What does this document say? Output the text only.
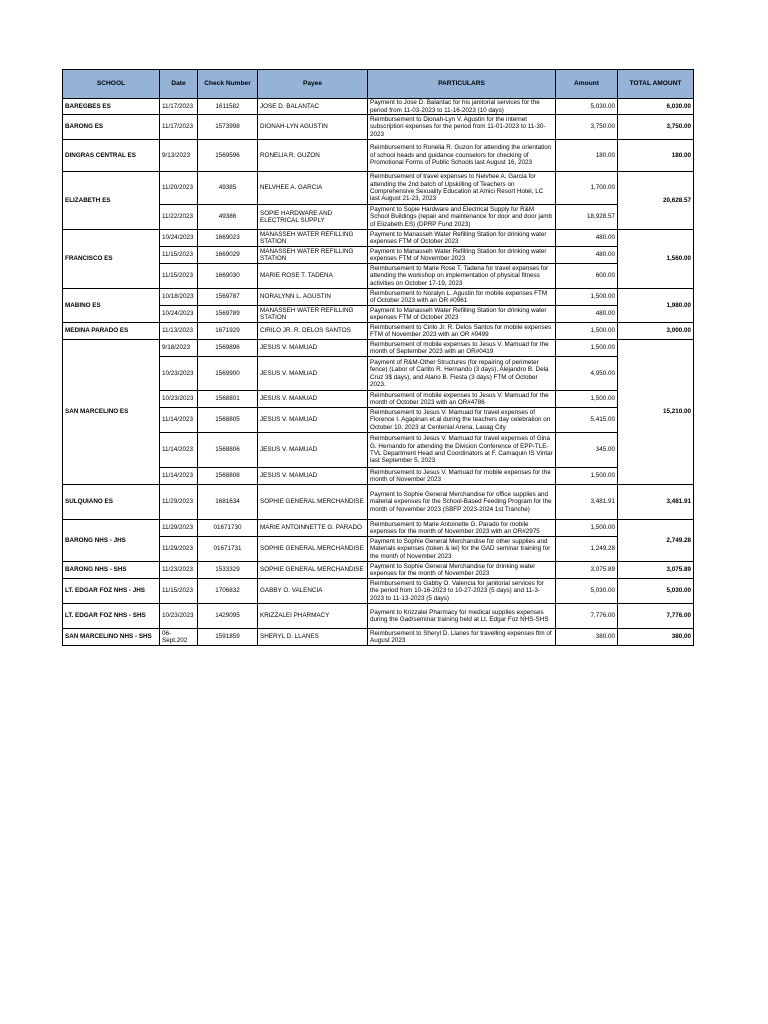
SCHOOL	Date	Check Number	Payee	PARTICULARS	Amount	TOTAL AMOUNT
BAREGBES ES	11/17/2023	1611582	JOSE D. BALANTAC	Payment to Jose D. Balantac for his janitorial services for the period from 11-03-2023 to 11-16-2023 (10 days)	5,030.00	6,030.00
BARONG ES	11/17/2023	1573998	DIONAH-LYN AGUSTIN	Reimbursement to Dionah-Lyn V. Agustin for the internet subscription expenses for the period from 11-01-2023 to 11-30-2023	3,750.00	3,750.00
DINGRAS CENTRAL ES	9/13/2023	1569596	RONELIA R. GUZON	Reimbursement to Ronelia R. Guzon for attending the orientation of school heads and guidance counselors for checking of Promotional Forms of Public Schools last August 16, 2023	180.00	180.00
ELIZABETH ES	11/20/2023	49385	NELVHEE A. GARCIA	Reimbursement of travel expenses to Nelvhee A. Garcia for attending the 2nd batch of Upskilling of Teachers on Comprehensive Sexuality Education at Amici Resort Hotel, LC last August 21-23, 2023	1,700.00	20,628.57
	11/22/2023	49386	SOPIE HARDWARE AND ELECTRICAL SUPPLY	Payment to Sopie Hardware and Electrical Supply for R&M School Buildings (repair and maintenance for door and door jamb of Elizabeth ES) (DPRP Fund 2023)	18,928.57	
FRANCISCO ES	10/24/2023	1669023	MANASSEH WATER REFILLING STATION	Payment to Manasseh Water Refilling Station for drinking water expenses FTM of October 2023	480.00	1,560.00
	11/15/2023	1669029	MANASSEH WATER REFILLING STATION	Payment to Manasseh Water Refilling Station for drinking water expenses FTM of November 2023	480.00	
	11/15/2023	1669030	MARIE ROSE T. TADENA	Reimbursement to Marie Rose T. Tadena for travel expenses for attending the workshop on implementation of physical fitness activities on October 17-19, 2023	600.00	
MABINO ES	10/18/2023	1569787	NORALYNN L. AGUSTIN	Reimbursement to Noralyn L. Agustin for mobile expenses FTM of October 2023 with an OR #0961	1,500.00	1,980.00
	10/24/2023	1569789	MANASSEH WATER REFILLING STATION	Payment to Manasseh Water Refilling Station for drinking water expenses FTM of October 2023	480.00	
MEDINA PARADO ES	11/13/2023	1671929	CIRILO JR. R. DELOS SANTOS	Reimbursement to Cirilo Jr. R. Delos Santos for mobile expenses FTM of November 2023 with an OR #0499	1,500.00	3,000.00
SAN MARCELINO ES	9/18/2023	1569896	JESUS V. MAMUAD	Reimbursement of mobile expenses to Jesus V. Mamuad for the month of September 2023 with an OR#0419	1,500.00	15,210.00
	10/23/2023	1569900	JESUS V. MAMUAD	Payment of R&M-Other Structures (for repairing of perimeter fence) (Labor of Carlito R. Hernando (3 days), Alejandro B. Dela Cruz 3$ days), and Alano B. Fiesta (3 days) FTM of October 2023.	4,950.00	
	10/23/2023	1568801	JESUS V. MAMUAD	Reimbursement of mobile expenses to Jesus V. Mamuad for the month of October 2023 with an OR#4786	1,500.00	
	11/14/2023	1568805	JESUS V. MAMUAD	Reimbursement to Jesus V. Mamuad for travel expenses of Florence I. Agapinan et.al during the teachers day celebration on October 10, 2023 at Centenial Arena, Laoag City	5,415.00	
	11/14/2023	1568806	JESUS V. MAMUAD	Reimbursement to Jesus V. Mamuad for travel expenses of Gina G. Hernando for attending the Division Conference of EPP-TLE-TVL Department Head and Coordinators at F. Camaquin IS Vintar last September 5, 2023	345.00	
	11/14/2023	1568808	JESUS V. MAMUAD	Reimbursement to Jesus V. Mamuad for mobile expenses for the month of November 2023	1,500.00	
SULQUIANO ES	11/29/2023	1681634	SOPHIE GENERAL MERCHANDISE	Payment to Sophie General Merchandise for office supplies and material expenses for the School-Based Feeding Program for the month of November 2023 (SBFP 2023-2024 1st Tranche)	3,481.91	3,481.91
BARONG NHS - JHS	11/29/2023	01671730	MARIE ANTOINNETTE G. PARADO	Reimbursement to Marie Antoinette G. Parado for mobile expenses for the month of November 2023 with an OR#2975	1,500.00	2,749.28
	11/29/2023	01671731	SOPHIE GENERAL MERCHANDISE	Payment to Sophie General Merchandise for other supplies and Materials expenses (token & lei) for the GAD seminar training for the month of November 2023	1,249.28	
BARONG NHS - SHS	11/23/2023	1533329	SOPHIE GENERAL MERCHANDISE	Payment to Sophie General Merchandise for drinking water expenses for the month of November 2023	3,075.89	3,075.89
LT. EDGAR FOZ NHS - JHS	11/15/2023	1706832	GABBY O. VALENCIA	Reimbursement to Gabby O. Valencia for janitorial services for the period from 10-16-2023 to 10-27-2023 (5 days) and 11-3-2023 to 11-13-2023 (5 days)	5,030.00	5,030.00
LT. EDGAR FOZ NHS - SHS	10/23/2023	1429095	KRIZZALEI PHARMACY	Payment to Krizzalei Pharmacy for medical supplies expenses during the Gad/seminar training held at Lt. Edgar Foz NHS-SHS	7,776.00	7,776.00
SAN MARCELINO NHS - SHS	06-Sept.202	1591859	SHERYL D. LLANES	Reimbursement to Sheryl D. Llanes for travelling expenses ftm of August 2023	380.00	380.00
